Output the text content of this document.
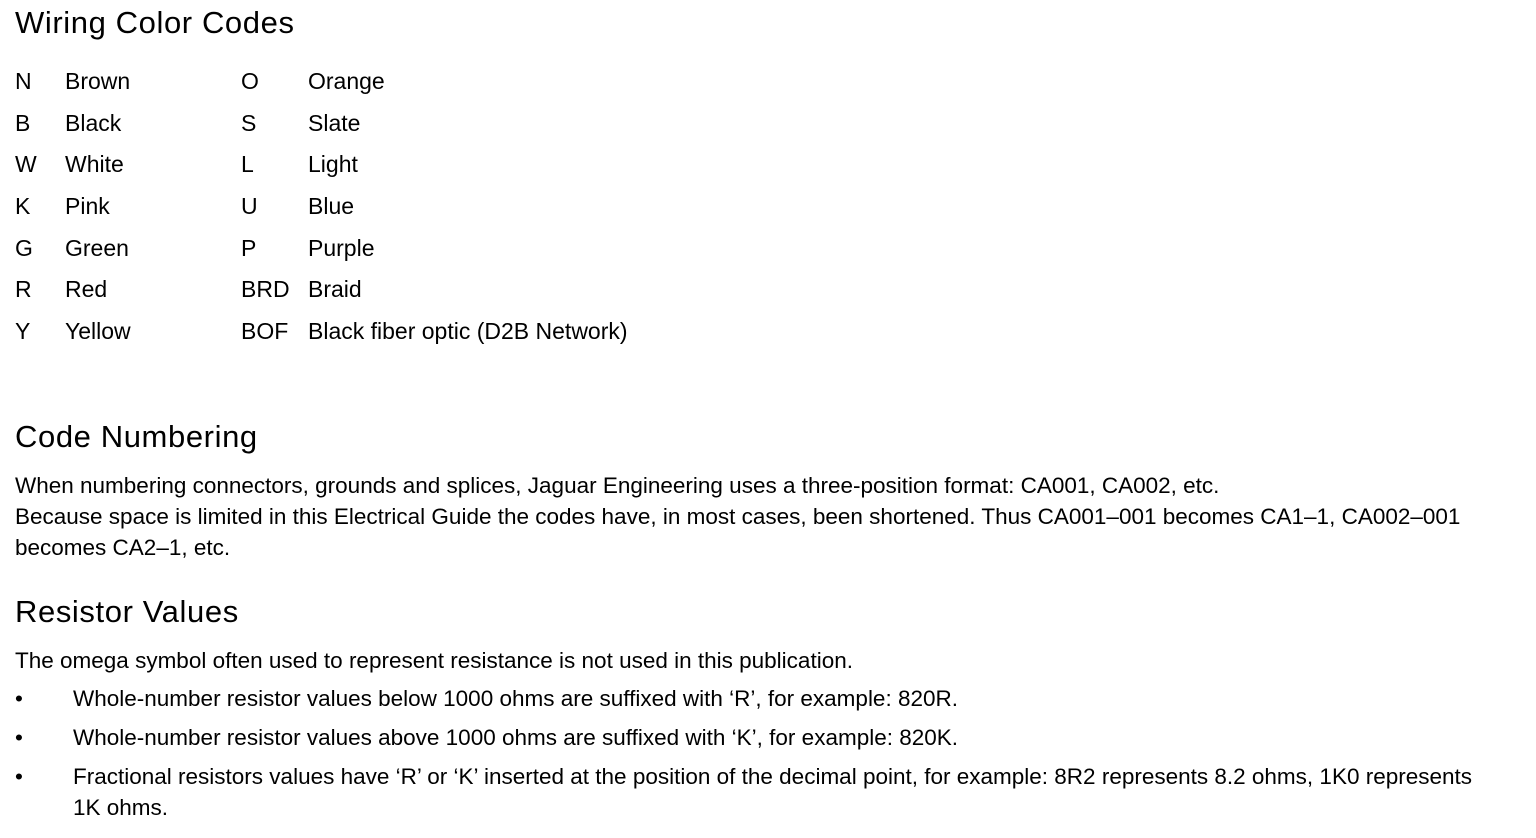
Wiring Color Codes
N Brown	O Orange
B Black	S Slate
W White	L Light
K Pink	U Blue
G Green	P Purple
R Red	BRD Braid
Y Yellow	BOF Black fiber optic (D2B Network)
Code Numbering
When numbering connectors, grounds and splices, Jaguar Engineering uses a three-position format: CA001, CA002, etc.
Because space is limited in this Electrical Guide the codes have, in most cases, been shortened. Thus CA001–001 becomes CA1–1, CA002–001 becomes CA2–1, etc.
Resistor Values
The omega symbol often used to represent resistance is not used in this publication.
• Whole-number resistor values below 1000 ohms are suffixed with ‘R’, for example: 820R.
• Whole-number resistor values above 1000 ohms are suffixed with ‘K’, for example: 820K.
• Fractional resistors values have ‘R’ or ‘K’ inserted at the position of the decimal point, for example: 8R2 represents 8.2 ohms, 1K0 represents 1K ohms.
